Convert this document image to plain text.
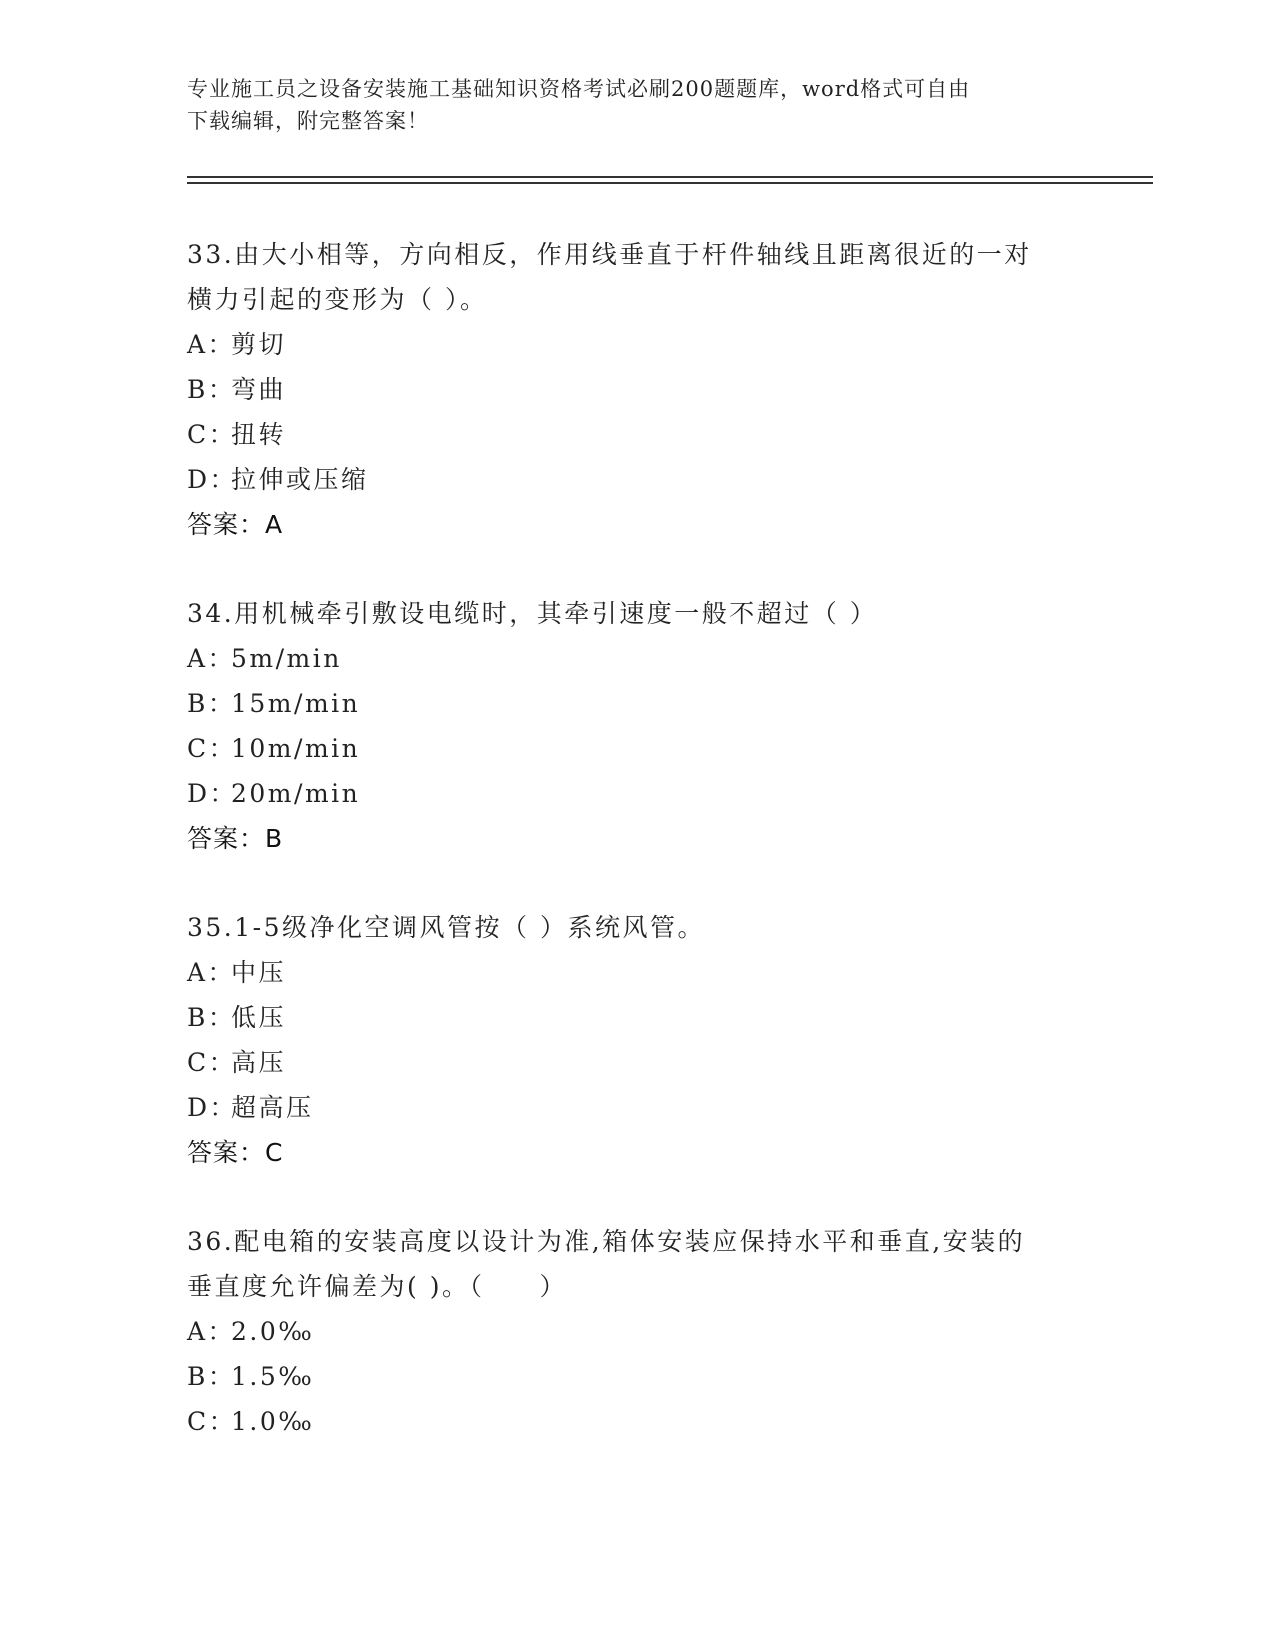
专业施工员之设备安装施工基础知识资格考试必刷200题题库，word格式可自由
下载编辑，附完整答案！

33.由大小相等，方向相反，作用线垂直于杆件轴线且距离很近的一对

横力引起的变形为（ ）。

A：
剪切

B：
弯曲

C：
扭转

D：
拉伸或压缩

答案：A

34.用机械牵引敷设电缆时，其牵引速度一般不超过（ ）

A：
5m/min

B：
15m/min

C：
10m/min

D：
20m/min

答案：B

35.1-5级净化空调风管按（ ）系统风管。

A：
中压

B：
低压

C：
高压

D：
超高压

答案：C

36.配电箱的安装高度以设计为准,箱体安装应保持水平和垂直,安装的

垂直度允许偏差为( )。（　　）

A：
2.0‰

B：
1.5‰

C：
1.0‰
